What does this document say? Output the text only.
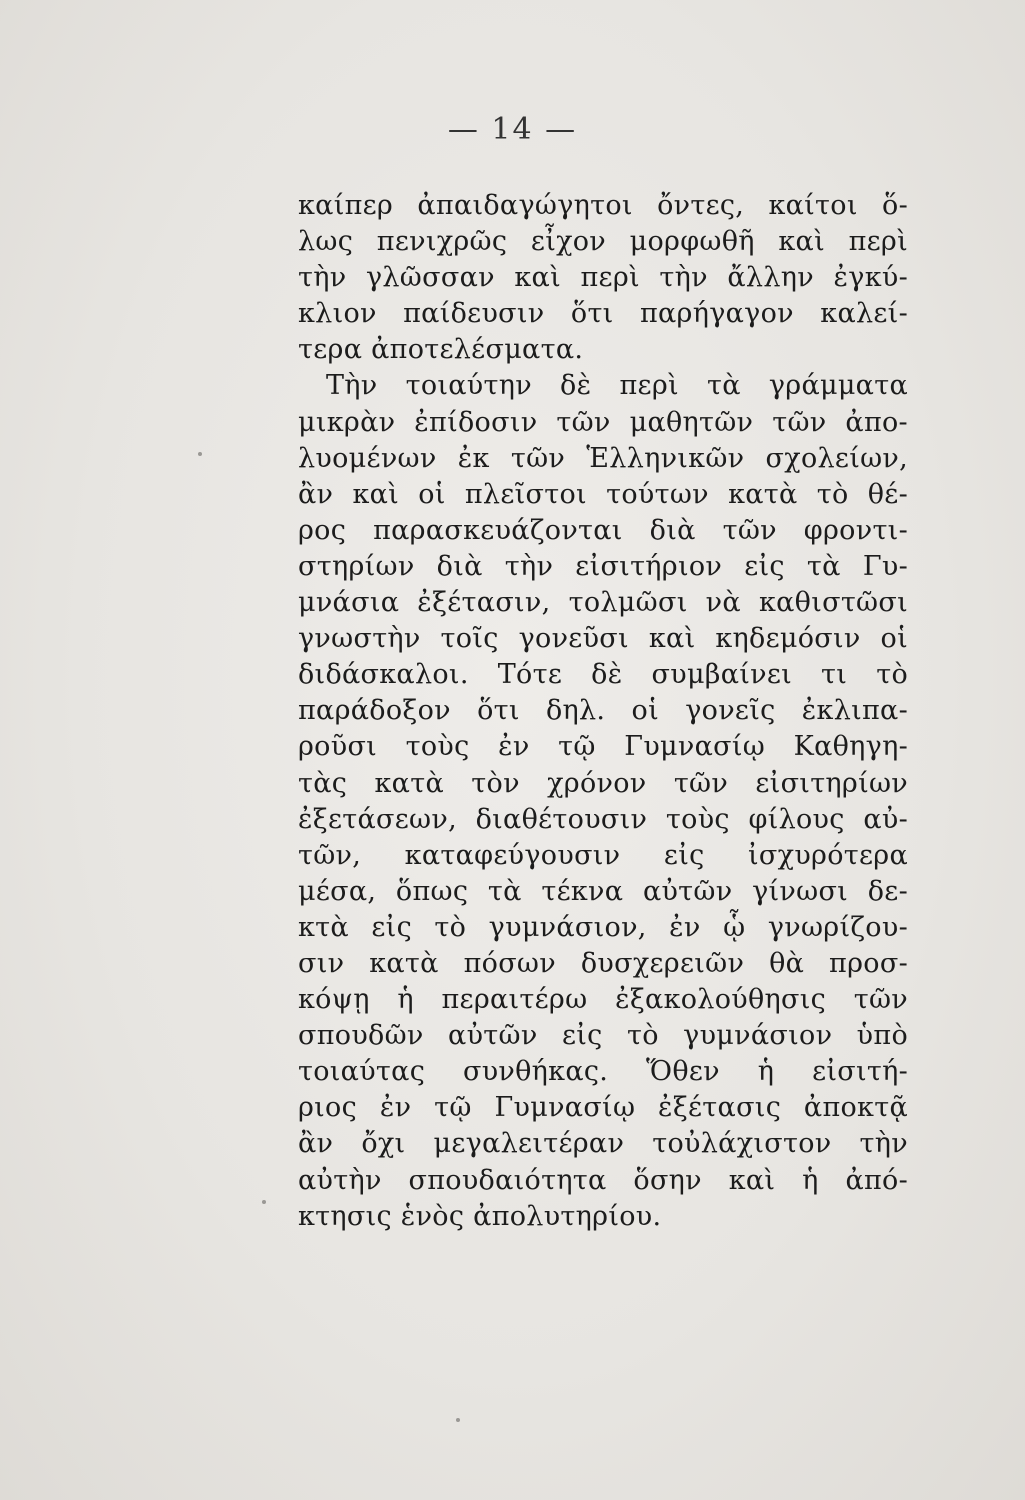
— 14 —
καίπερ ἀπαιδαγώγητοι ὄντες, καίτοι ὅ-
λως πενιχρῶς εἶχον μορφωθῆ καὶ περὶ
τὴν γλῶσσαν καὶ περὶ τὴν ἄλλην ἐγκύ-
κλιον παίδευσιν ὅτι παρήγαγον καλεί-
τερα ἀποτελέσματα.
Τὴν τοιαύτην δὲ περὶ τὰ γράμματα
μικρὰν ἐπίδοσιν τῶν μαθητῶν τῶν ἀπο-
λυομένων ἐκ τῶν Ἑλληνικῶν σχολείων,
ἂν καὶ οἱ πλεῖστοι τούτων κατὰ τὸ θέ-
ρος παρασκευάζονται διὰ τῶν φροντι-
στηρίων διὰ τὴν εἰσιτήριον εἰς τὰ Γυ-
μνάσια ἐξέτασιν, τολμῶσι νὰ καθιστῶσι
γνωστὴν τοῖς γονεῦσι καὶ κηδεμόσιν οἱ
διδάσκαλοι. Τότε δὲ συμβαίνει τι τὸ
παράδοξον ὅτι δηλ. οἱ γονεῖς ἐκλιπα-
ροῦσι τοὺς ἐν τῷ Γυμνασίῳ Καθηγη-
τὰς κατὰ τὸν χρόνον τῶν εἰσιτηρίων
ἐξετάσεων, διαθέτουσιν τοὺς φίλους αὐ-
τῶν, καταφεύγουσιν εἰς ἰσχυρότερα
μέσα, ὅπως τὰ τέκνα αὐτῶν γίνωσι δε-
κτὰ εἰς τὸ γυμνάσιον, ἐν ᾧ γνωρίζου-
σιν κατὰ πόσων δυσχερειῶν θὰ προσ-
κόψῃ ἡ περαιτέρω ἐξακολούθησις τῶν
σπουδῶν αὐτῶν εἰς τὸ γυμνάσιον ὑπὸ
τοιαύτας συνθήκας. Ὅθεν ἡ εἰσιτή-
ριος ἐν τῷ Γυμνασίῳ ἐξέτασις ἀποκτᾷ
ἂν ὄχι μεγαλειτέραν τοὐλάχιστον τὴν
αὐτὴν σπουδαιότητα ὅσην καὶ ἡ ἀπό-
κτησις ἑνὸς ἀπολυτηρίου.
